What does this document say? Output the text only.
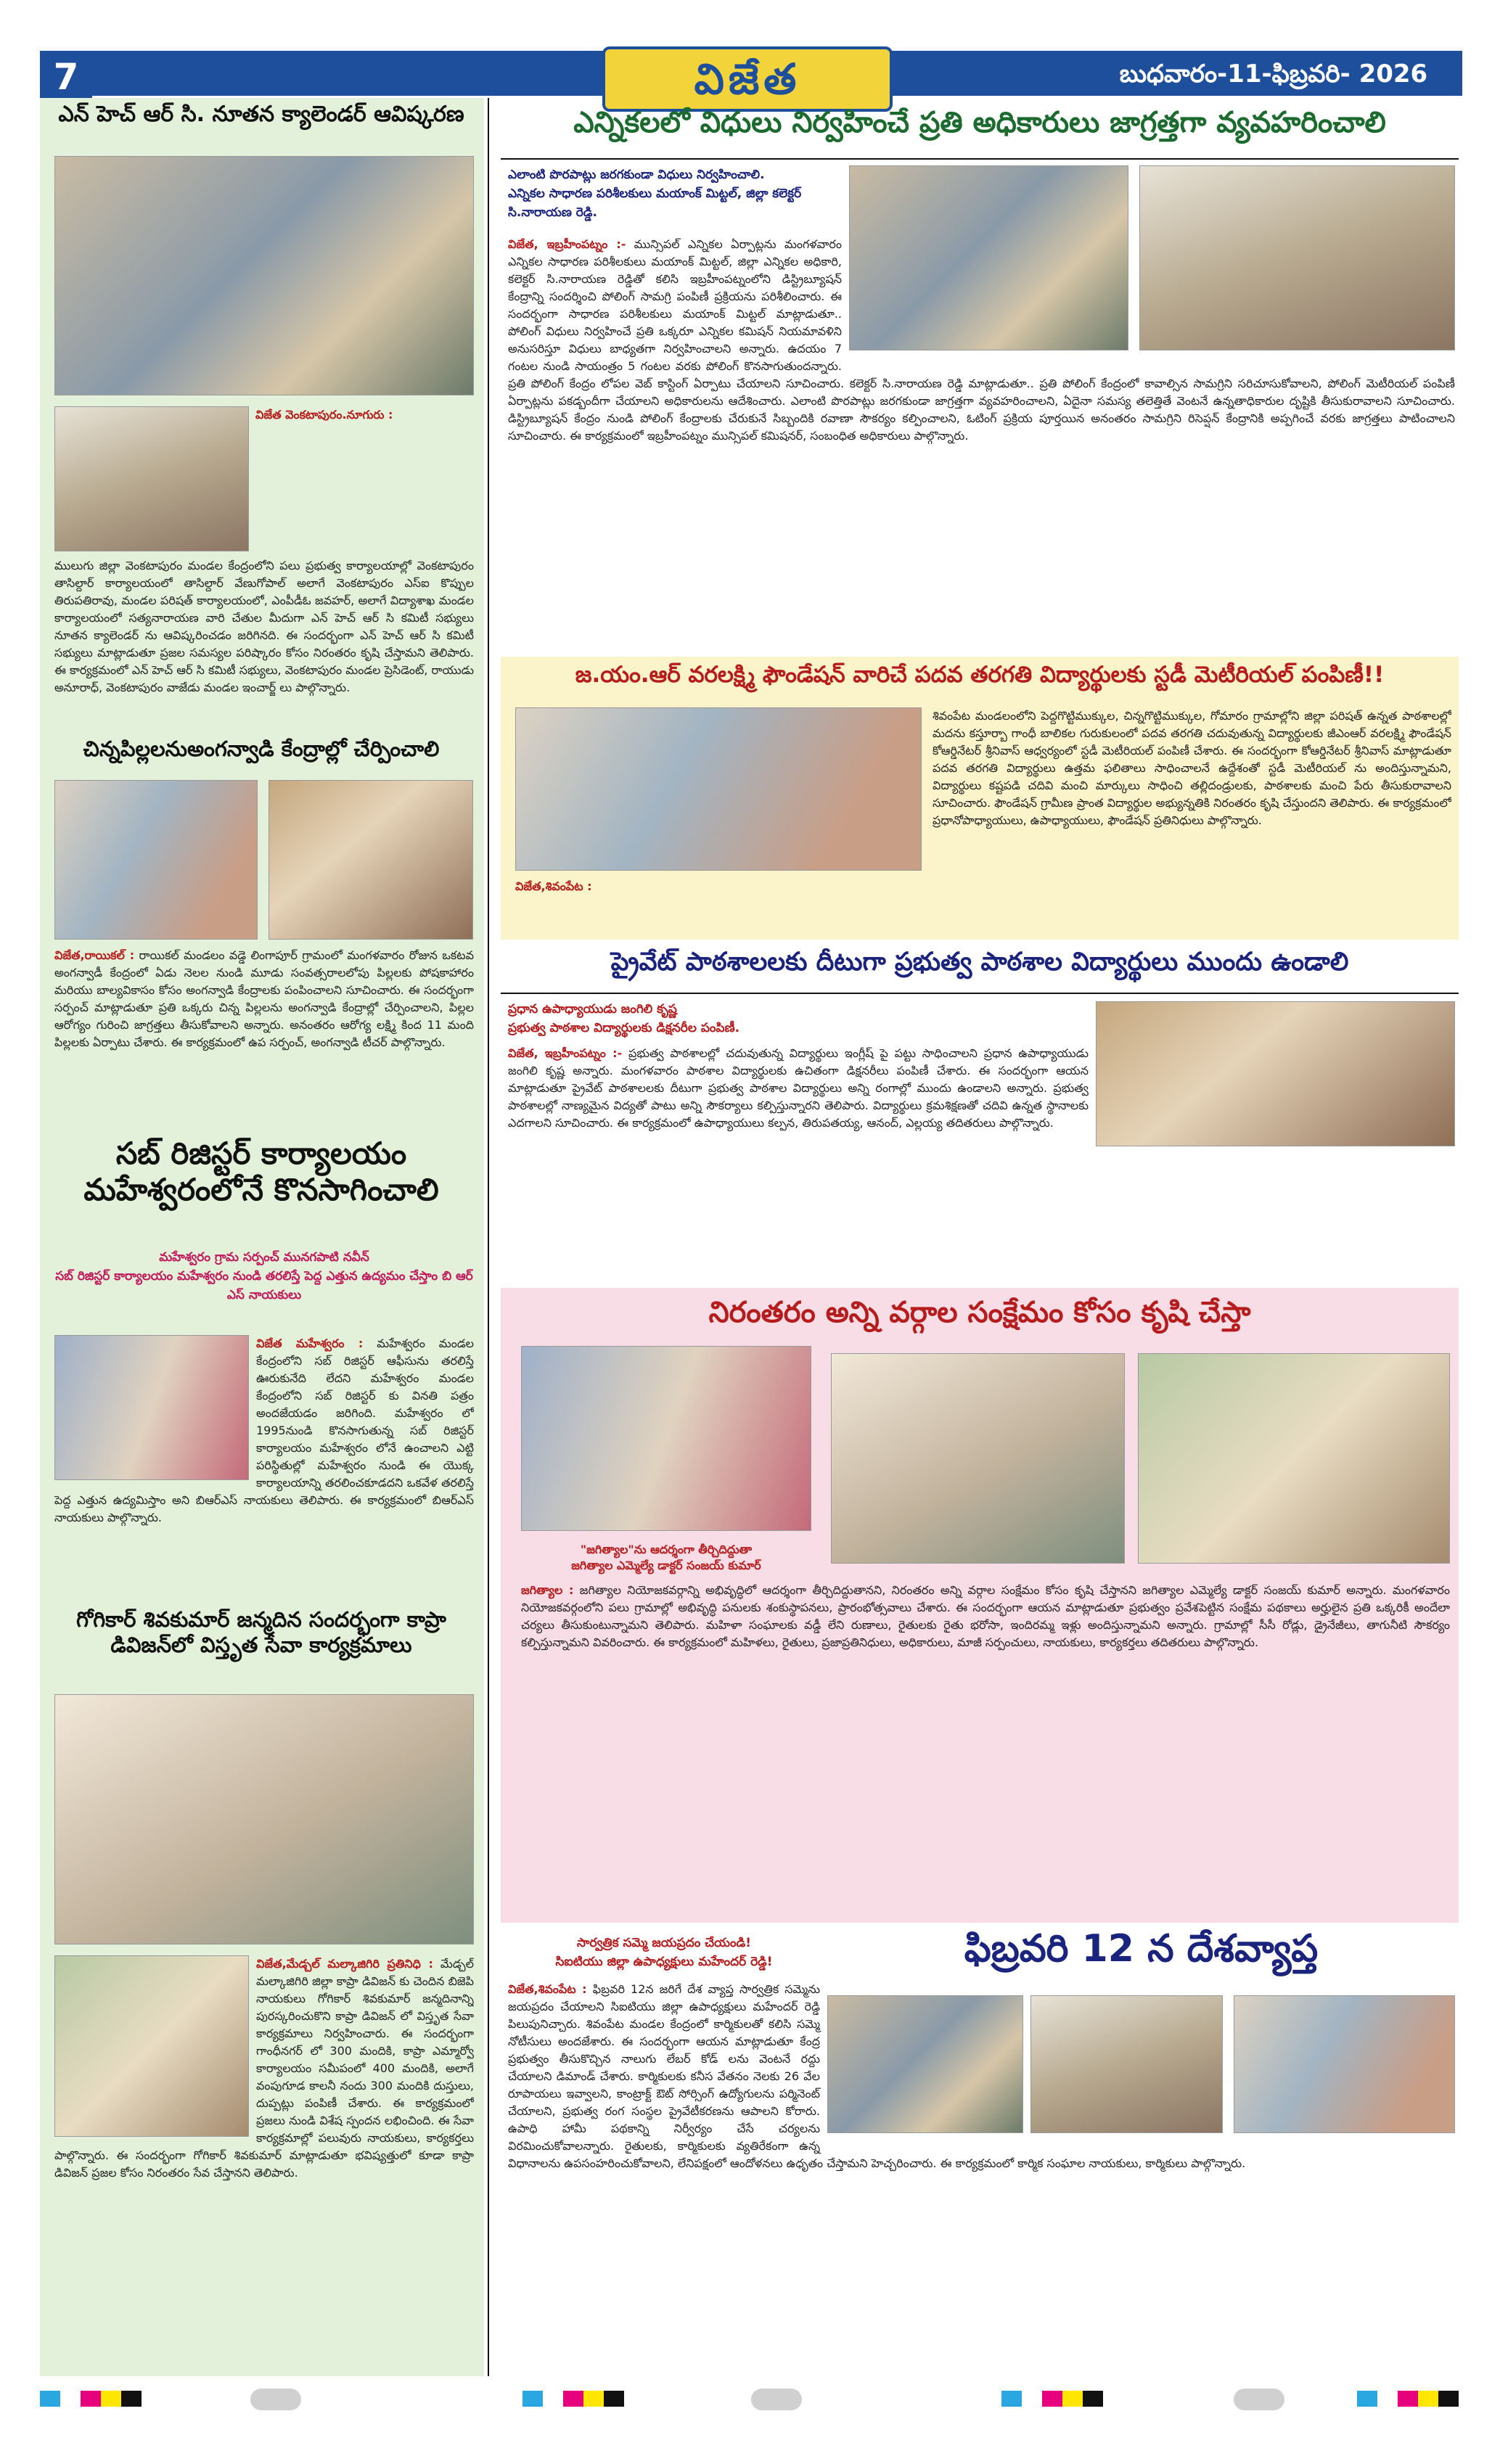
7	విజేత	బుధవారం-11-ఫిబ్రవరి- 2026
ఎన్ హెచ్ ఆర్ సి. నూతన క్యాలెండర్ ఆవిష్కరణ
విజేత వెంకటాపురం.నూగురు :
ములుగు జిల్లా వెంకటాపురం మండల కేంద్రంలోని పలు ప్రభుత్వ కార్యాలయాల్లో వెంకటాపురం తాసిల్దార్ కార్యాలయంలో తాసిల్దార్ వేణుగోపాల్ అలాగే వెంకటాపురం ఎస్ఐ కొప్పుల తిరుపతిరావు, మండల పరిషత్ కార్యాలయంలో, ఎంపీడీఓ జవహర్, అలాగే విద్యాశాఖ మండల కార్యాలయంలో సత్యనారాయణ వారి చేతుల మీదుగా ఎన్ హెచ్ ఆర్ సి కమిటీ సభ్యులు నూతన క్యాలెండర్ ను ఆవిష్కరించడం జరిగినది. ఈ సందర్భంగా ఎన్ హెచ్ ఆర్ సి కమిటీ సభ్యులు మాట్లాడుతూ ప్రజల సమస్యల పరిష్కారం కోసం నిరంతరం కృషి చేస్తామని తెలిపారు. ఈ కార్యక్రమంలో ఎన్ హెచ్ ఆర్ సి కమిటీ సభ్యులు, వెంకటాపురం మండల ప్రెసిడెంట్, రాయుడు అనూరాధ్, వెంకటాపురం వాజేడు మండల ఇంచార్జ్ లు పాల్గొన్నారు.
చిన్నపిల్లలనుఅంగన్వాడి కేంద్రాల్లో చేర్పించాలి
విజేత,రాయికల్ : రాయికల్ మండలం వడ్డె లింగాపూర్ గ్రామంలో మంగళవారం రోజున ఒకటవ అంగన్వాడీ కేంద్రంలో ఏడు నెలల నుండి మూడు సంవత్సరాలలోపు పిల్లలకు పోషకాహారం మరియు బాల్యవికాసం కోసం అంగన్వాడి కేంద్రాలకు పంపించాలని సూచించారు. ఈ సందర్భంగా సర్పంచ్ మాట్లాడుతూ ప్రతి ఒక్కరు చిన్న పిల్లలను అంగన్వాడి కేంద్రాల్లో చేర్పించాలని, పిల్లల ఆరోగ్యం గురించి జాగ్రత్తలు తీసుకోవాలని అన్నారు. అనంతరం ఆరోగ్య లక్ష్మి కింద 11 మంది పిల్లలకు ఏర్పాటు చేశారు. ఈ కార్యక్రమంలో ఉప సర్పంచ్, అంగన్వాడి టీచర్ పాల్గొన్నారు.
సబ్ రిజిస్టర్ కార్యాలయం మహేశ్వరంలోనే కొనసాగించాలి
మహేశ్వరం గ్రామ సర్పంచ్ మునగపాటి నవీన్
సబ్ రిజిస్టర్ కార్యాలయం మహేశ్వరం నుండి తరలిస్తే పెద్ద ఎత్తున ఉద్యమం చేస్తాం బి ఆర్ ఎస్ నాయకులు
విజేత మహేశ్వరం : మహేశ్వరం మండల కేంద్రంలోని సబ్ రిజిస్టర్ ఆఫీసును తరలిస్తే ఊరుకునేది లేదని మహేశ్వరం మండల కేంద్రంలోని సబ్ రిజిస్టర్ కు వినతి పత్రం అందజేయడం జరిగింది. మహేశ్వరం లో 1995నుండి కొనసాగుతున్న సబ్ రిజిస్టర్ కార్యాలయం మహేశ్వరం లోనే ఉంచాలని ఎట్టి పరిస్థితుల్లో మహేశ్వరం నుండి ఈ యొక్క కార్యాలయాన్ని తరలించకూడదని ఒకవేళ తరలిస్తే పెద్ద ఎత్తున ఉద్యమిస్తాం అని బిఆర్ఎస్ నాయకులు తెలిపారు. ఈ కార్యక్రమంలో బిఆర్ఎస్ నాయకులు పాల్గొన్నారు.
గోగికార్ శివకుమార్ జన్మదిన సందర్భంగా కాప్రా డివిజన్‌లో విస్తృత సేవా కార్యక్రమాలు
విజేత,మేడ్చల్ మల్కాజిగిరి ప్రతినిధి : మేడ్చల్ మల్కాజిగిరి జిల్లా కాప్రా డివిజన్ కు చెందిన బిజెపి నాయకులు గోగికార్ శివకుమార్ జన్మదినాన్ని పురస్కరించుకొని కాప్రా డివిజన్ లో విస్తృత సేవా కార్యక్రమాలు నిర్వహించారు. ఈ సందర్భంగా గాంధీనగర్ లో 300 మందికి, కాప్రా ఎమ్మార్వో కార్యాలయం సమీపంలో 400 మందికి, అలాగే వంపుగూడ కాలనీ నందు 300 మందికి దుస్తులు, దుప్పట్లు పంపిణీ చేశారు. ఈ కార్యక్రమంలో ప్రజలు నుండి విశేష స్పందన లభించింది. ఈ సేవా కార్యక్రమాల్లో పలువురు నాయకులు, కార్యకర్తలు పాల్గొన్నారు. ఈ సందర్భంగా గోగికార్ శివకుమార్ మాట్లాడుతూ భవిష్యత్తులో కూడా కాప్రా డివిజన్ ప్రజల కోసం నిరంతరం సేవ చేస్తానని తెలిపారు.
ఎన్నికలలో విధులు నిర్వహించే ప్రతి అధికారులు జాగ్రత్తగా వ్యవహరించాలి
ఎలాంటి పొరపాట్లు జరగకుండా విధులు నిర్వహించాలి.
ఎన్నికల సాధారణ పరిశీలకులు మయాంక్ మిట్టల్, జిల్లా కలెక్టర్ సి.నారాయణ రెడ్డి.
విజేత, ఇబ్రహీంపట్నం :- మున్సిపల్ ఎన్నికల ఏర్పాట్లను మంగళవారం ఎన్నికల సాధారణ పరిశీలకులు మయాంక్ మిట్టల్, జిల్లా ఎన్నికల అధికారి, కలెక్టర్ సి.నారాయణ రెడ్డితో కలిసి ఇబ్రహీంపట్నంలోని డిస్ట్రిబ్యూషన్ కేంద్రాన్ని సందర్శించి పోలింగ్ సామగ్రి పంపిణీ ప్రక్రియను పరిశీలించారు. ఈ సందర్భంగా సాధారణ పరిశీలకులు మయాంక్ మిట్టల్ మాట్లాడుతూ.. పోలింగ్ విధులు నిర్వహించే ప్రతి ఒక్కరూ ఎన్నికల కమిషన్ నియమావళిని అనుసరిస్తూ విధులు బాధ్యతగా నిర్వహించాలని అన్నారు. ఉదయం 7 గంటల నుండి సాయంత్రం 5 గంటల వరకు పోలింగ్ కొనసాగుతుందన్నారు. ప్రతి పోలింగ్ కేంద్రం లోపల వెబ్ కాస్టింగ్ ఏర్పాటు చేయాలని సూచించారు. కలెక్టర్ సి.నారాయణ రెడ్డి మాట్లాడుతూ.. ప్రతి పోలింగ్ కేంద్రంలో కావాల్సిన సామగ్రిని సరిచూసుకోవాలని, పోలింగ్ మెటీరియల్ పంపిణీ ఏర్పాట్లను పకడ్బందీగా చేయాలని అధికారులను ఆదేశించారు. ఎలాంటి పొరపాట్లు జరగకుండా జాగ్రత్తగా వ్యవహరించాలని, ఏదైనా సమస్య తలెత్తితే వెంటనే ఉన్నతాధికారుల దృష్టికి తీసుకురావాలని సూచించారు. డిస్ట్రిబ్యూషన్ కేంద్రం నుండి పోలింగ్ కేంద్రాలకు చేరుకునే సిబ్బందికి రవాణా సౌకర్యం కల్పించాలని, ఓటింగ్ ప్రక్రియ పూర్తయిన అనంతరం సామగ్రిని రిసెప్షన్ కేంద్రానికి అప్పగించే వరకు జాగ్రత్తలు పాటించాలని సూచించారు. ఈ కార్యక్రమంలో ఇబ్రహీంపట్నం మున్సిపల్ కమిషనర్, సంబంధిత అధికారులు పాల్గొన్నారు.
జ.యం.ఆర్ వరలక్ష్మి ఫౌండేషన్ వారిచే పదవ తరగతి విద్యార్థులకు స్టడీ మెటీరియల్ పంపిణీ!!
విజేత,శివంపేట :
శివంపేట మండలంలోని పెద్దగొట్టిముక్కుల, చిన్నగొట్టిముక్కుల, గోమారం గ్రామాల్లోని జిల్లా పరిషత్ ఉన్నత పాఠశాలల్లో మదను కస్తూర్బా గాంధీ బాలికల గురుకులంలో పదవ తరగతి చదువుతున్న విద్యార్థులకు జీఎంఆర్ వరలక్ష్మి ఫౌండేషన్ కోఆర్డినేటర్ శ్రీనివాస్ ఆధ్వర్యంలో స్టడీ మెటీరియల్ పంపిణీ చేశారు. ఈ సందర్భంగా కోఆర్డినేటర్ శ్రీనివాస్ మాట్లాడుతూ పదవ తరగతి విద్యార్థులు ఉత్తమ ఫలితాలు సాధించాలనే ఉద్దేశంతో స్టడీ మెటీరియల్ ను అందిస్తున్నామని, విద్యార్థులు కష్టపడి చదివి మంచి మార్కులు సాధించి తల్లిదండ్రులకు, పాఠశాలకు మంచి పేరు తీసుకురావాలని సూచించారు. ఫౌండేషన్ గ్రామీణ ప్రాంత విద్యార్థుల అభ్యున్నతికి నిరంతరం కృషి చేస్తుందని తెలిపారు. ఈ కార్యక్రమంలో ప్రధానోపాధ్యాయులు, ఉపాధ్యాయులు, ఫౌండేషన్ ప్రతినిధులు పాల్గొన్నారు.
ప్రైవేట్ పాఠశాలలకు దీటుగా ప్రభుత్వ పాఠశాల విద్యార్థులు ముందు ఉండాలి
ప్రధాన ఉపాధ్యాయుడు జంగిలి కృష్ణ
ప్రభుత్వ పాఠశాల విద్యార్థులకు డిక్షనరీల పంపిణీ.
విజేత, ఇబ్రహీంపట్నం :- ప్రభుత్వ పాఠశాలల్లో చదువుతున్న విద్యార్థులు ఇంగ్లీష్ పై పట్టు సాధించాలని ప్రధాన ఉపాధ్యాయుడు జంగిలి కృష్ణ అన్నారు. మంగళవారం పాఠశాల విద్యార్థులకు ఉచితంగా డిక్షనరీలు పంపిణీ చేశారు. ఈ సందర్భంగా ఆయన మాట్లాడుతూ ప్రైవేట్ పాఠశాలలకు దీటుగా ప్రభుత్వ పాఠశాల విద్యార్థులు అన్ని రంగాల్లో ముందు ఉండాలని అన్నారు. ప్రభుత్వ పాఠశాలల్లో నాణ్యమైన విద్యతో పాటు అన్ని సౌకర్యాలు కల్పిస్తున్నారని తెలిపారు. విద్యార్థులు క్రమశిక్షణతో చదివి ఉన్నత స్థానాలకు ఎదగాలని సూచించారు. ఈ కార్యక్రమంలో ఉపాధ్యాయులు కల్పన, తిరుపతయ్య, ఆనంద్, ఎల్లయ్య తదితరులు పాల్గొన్నారు.
నిరంతరం అన్ని వర్గాల సంక్షేమం కోసం కృషి చేస్తా
"జగిత్యాల"ను ఆదర్శంగా తీర్చిదిద్దుతా
జగిత్యాల ఎమ్మెల్యే డాక్టర్ సంజయ్ కుమార్
జగిత్యాల : జగిత్యాల నియోజకవర్గాన్ని అభివృద్ధిలో ఆదర్శంగా తీర్చిదిద్దుతానని, నిరంతరం అన్ని వర్గాల సంక్షేమం కోసం కృషి చేస్తానని జగిత్యాల ఎమ్మెల్యే డాక్టర్ సంజయ్ కుమార్ అన్నారు. మంగళవారం నియోజకవర్గంలోని పలు గ్రామాల్లో అభివృద్ధి పనులకు శంకుస్థాపనలు, ప్రారంభోత్సవాలు చేశారు. ఈ సందర్భంగా ఆయన మాట్లాడుతూ ప్రభుత్వం ప్రవేశపెట్టిన సంక్షేమ పథకాలు అర్హులైన ప్రతి ఒక్కరికీ అందేలా చర్యలు తీసుకుంటున్నామని తెలిపారు. మహిళా సంఘాలకు వడ్డీ లేని రుణాలు, రైతులకు రైతు భరోసా, ఇందిరమ్మ ఇళ్లు అందిస్తున్నామని అన్నారు. గ్రామాల్లో సీసీ రోడ్లు, డ్రైనేజీలు, తాగునీటి సౌకర్యం కల్పిస్తున్నామని వివరించారు. ఈ కార్యక్రమంలో మహిళలు, రైతులు, ప్రజాప్రతినిధులు, అధికారులు, మాజీ సర్పంచులు, నాయకులు, కార్యకర్తలు తదితరులు పాల్గొన్నారు.
సార్వత్రిక సమ్మె జయప్రదం చేయండి!
సిఐటియు జిల్లా ఉపాధ్యక్షులు మహేందర్ రెడ్డి!	ఫిబ్రవరి 12 న దేశవ్యాప్త
విజేత,శివంపేట : ఫిబ్రవరి 12న జరిగే దేశ వ్యాప్త సార్వత్రిక సమ్మెను జయప్రదం చేయాలని సిఐటియు జిల్లా ఉపాధ్యక్షులు మహేందర్ రెడ్డి పిలుపునిచ్చారు. శివంపేట మండల కేంద్రంలో కార్మికులతో కలిసి సమ్మె నోటీసులు అందజేశారు. ఈ సందర్భంగా ఆయన మాట్లాడుతూ కేంద్ర ప్రభుత్వం తీసుకొచ్చిన నాలుగు లేబర్ కోడ్ లను వెంటనే రద్దు చేయాలని డిమాండ్ చేశారు. కార్మికులకు కనీస వేతనం నెలకు 26 వేల రూపాయలు ఇవ్వాలని, కాంట్రాక్ట్ ఔట్ సోర్సింగ్ ఉద్యోగులను పర్మినెంట్ చేయాలని, ప్రభుత్వ రంగ సంస్థల ప్రైవేటీకరణను ఆపాలని కోరారు. ఉపాధి హామీ పథకాన్ని నిర్వీర్యం చేసే చర్యలను విరమించుకోవాలన్నారు. రైతులకు, కార్మికులకు వ్యతిరేకంగా ఉన్న విధానాలను ఉపసంహరించుకోవాలని, లేనిపక్షంలో ఆందోళనలు ఉధృతం చేస్తామని హెచ్చరించారు. ఈ కార్యక్రమంలో కార్మిక సంఘాల నాయకులు, కార్మికులు పాల్గొన్నారు.
